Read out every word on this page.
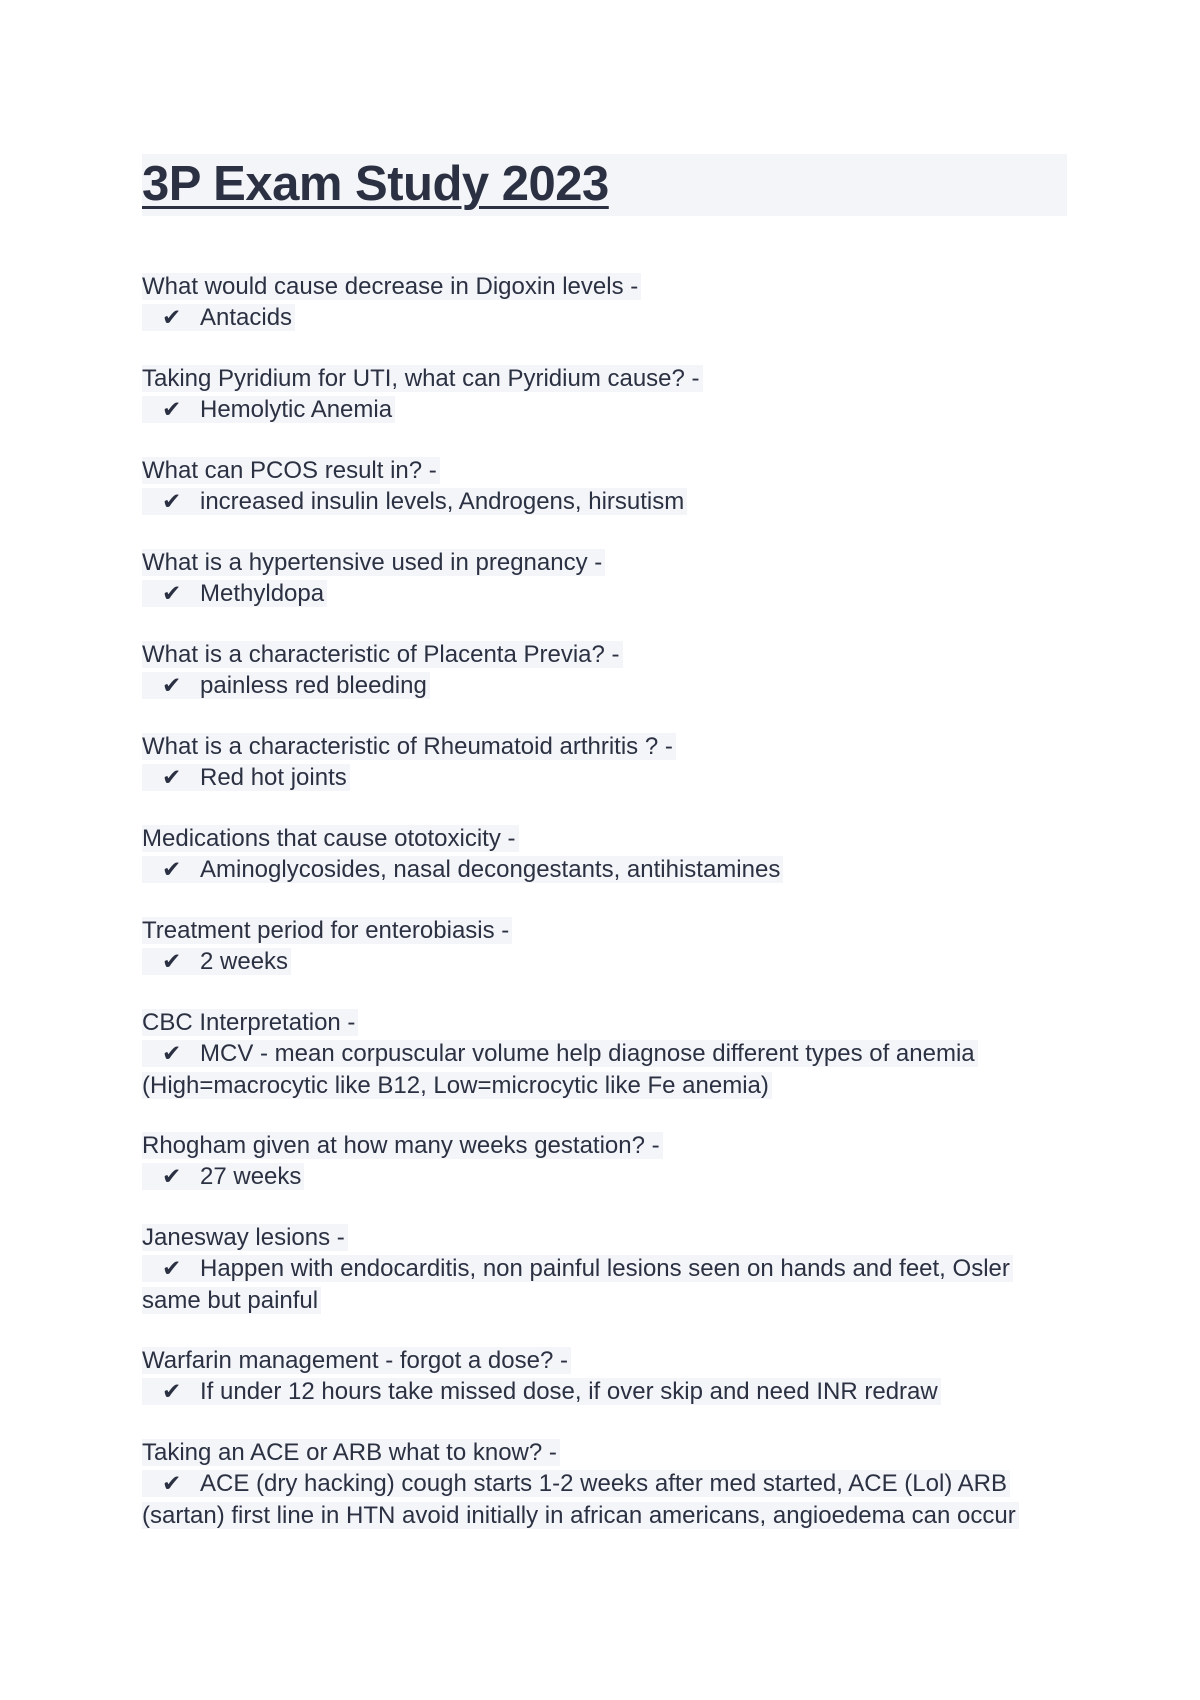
3P Exam Study 2023
What would cause decrease in Digoxin levels -
✔ Antacids
Taking Pyridium for UTI, what can Pyridium cause? -
✔ Hemolytic Anemia
What can PCOS result in? -
✔ increased insulin levels, Androgens, hirsutism
What is a hypertensive used in pregnancy -
✔ Methyldopa
What is a characteristic of Placenta Previa? -
✔ painless red bleeding
What is a characteristic of Rheumatoid arthritis ? -
✔ Red hot joints
Medications that cause ototoxicity -
✔ Aminoglycosides, nasal decongestants, antihistamines
Treatment period for enterobiasis -
✔ 2 weeks
CBC Interpretation -
✔ MCV - mean corpuscular volume help diagnose different types of anemia (High=macrocytic like B12, Low=microcytic like Fe anemia)
Rhogham given at how many weeks gestation? -
✔ 27 weeks
Janesway lesions -
✔ Happen with endocarditis, non painful lesions seen on hands and feet, Osler same but painful
Warfarin management - forgot a dose? -
✔ If under 12 hours take missed dose, if over skip and need INR redraw
Taking an ACE or ARB what to know? -
✔ ACE (dry hacking) cough starts 1-2 weeks after med started, ACE (Lol) ARB (sartan) first line in HTN avoid initially in african americans, angioedema can occur
